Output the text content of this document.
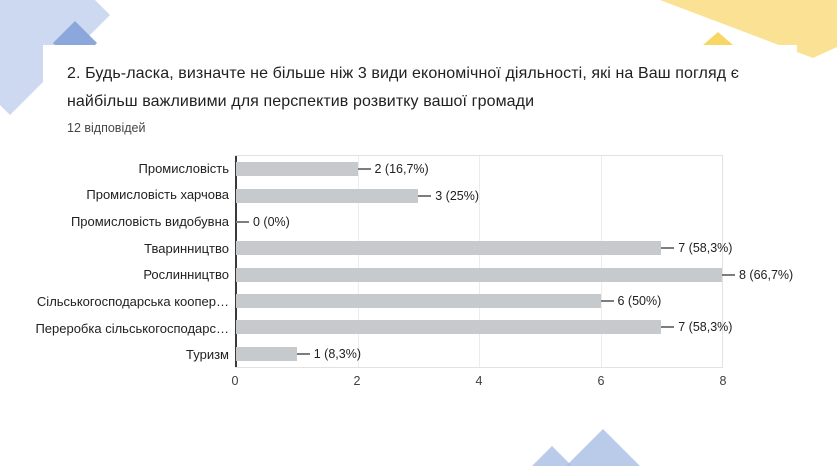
2. Будь-ласка, визначте не більше ніж 3 види економічної діяльності, які на Ваш погляд є найбільш важливими для перспектив розвитку вашої громади
12 відповідей
Промисловість
Промисловість харчова
Промисловість видобувна
Тваринництво
Рослинництво
Сільськогосподарська коопер…
Переробка сільськогосподарс…
Туризм
2 (16,7%)
3 (25%)
0 (0%)
7 (58,3%)
8 (66,7%)
6 (50%)
7 (58,3%)
1 (8,3%)
0	2	4	6	8
